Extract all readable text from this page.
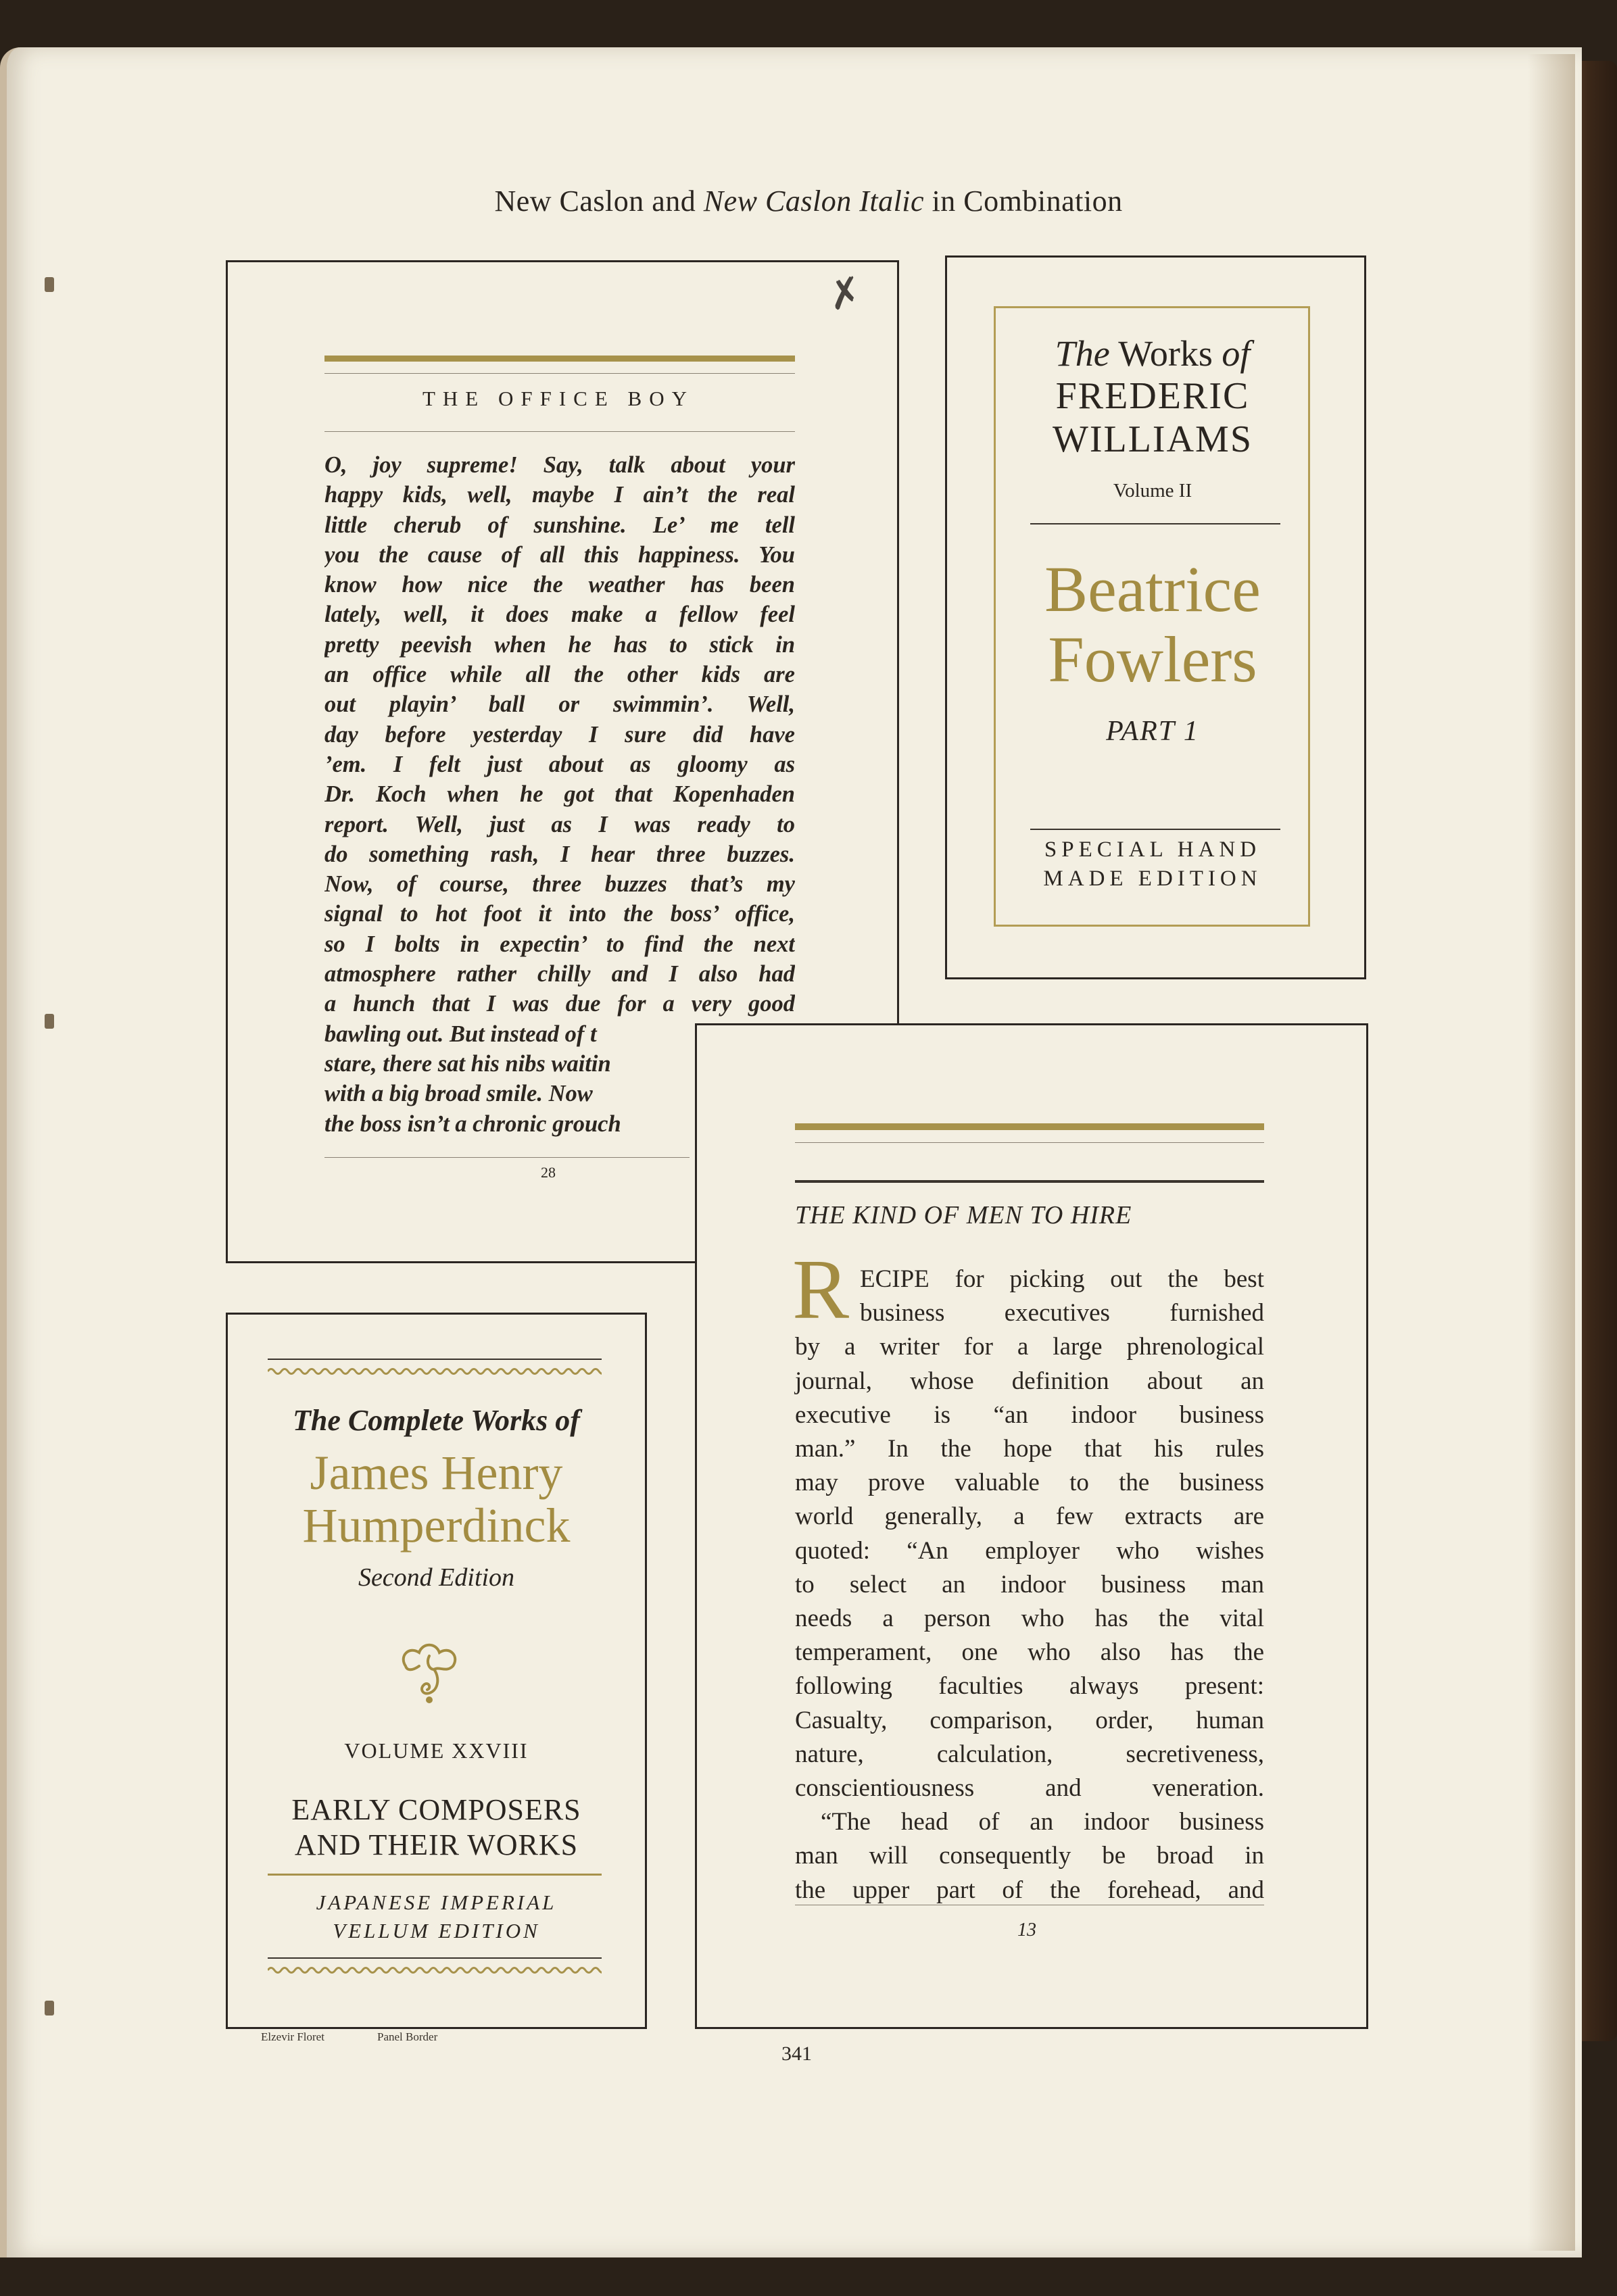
New Caslon and New Caslon Italic in Combination
✗
THE OFFICE BOY
O, joy supreme! Say, talk about your
happy kids, well, maybe I ain’t the real
little cherub of sunshine. Le’ me tell
you the cause of all this happiness. You
know how nice the weather has been
lately, well, it does make a fellow feel
pretty peevish when he has to stick in
an office while all the other kids are
out playin’ ball or swimmin’. Well,
day before yesterday I sure did have
’em. I felt just about as gloomy as
Dr. Koch when he got that Kopenhaden
report. Well, just as I was ready to
do something rash, I hear three buzzes.
Now, of course, three buzzes that’s my
signal to hot foot it into the boss’ office,
so I bolts in expectin’ to find the next
atmosphere rather chilly and I also had
a hunch that I was due for a very good
bawling out. But instead of t
stare, there sat his nibs waitin
with a big broad smile. Now
the boss isn’t a chronic grouch
28
The Works of
FREDERIC
WILLIAMS
Volume II
Beatrice
Fowlers
PART 1
SPECIAL HAND
MADE EDITION
The Complete Works of
James Henry
Humperdinck
Second Edition
VOLUME XXVIII
EARLY COMPOSERS
AND THEIR WORKS
JAPANESE IMPERIAL
VELLUM EDITION
Elzevir Floret	Panel Border
THE KIND OF MEN TO HIRE
R ECIPE for picking out the best
business executives furnished
by a writer for a large phrenological
journal, whose definition about an
executive is “an indoor business
man.” In the hope that his rules
may prove valuable to the business
world generally, a few extracts are
quoted: “An employer who wishes
to select an indoor business man
needs a person who has the vital
temperament, one who also has the
following faculties always present:
Casualty, comparison, order, human
nature, calculation, secretiveness,
conscientiousness and veneration.
“The head of an indoor business
man will consequently be broad in
the upper part of the forehead, and
13
341
